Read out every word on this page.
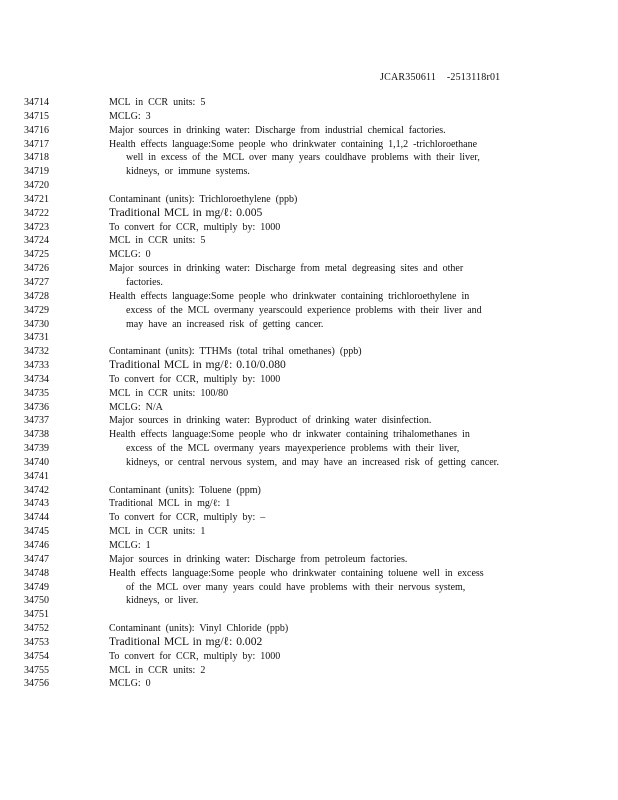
JCAR350611    -2513118r01
34714	MCL in CCR units: 5
34715	MCLG: 3
34716	Major sources in drinking water: Discharge from industrial chemical factories.
34717	Health effects language:Some people who drinkwater containing 1,1,2 -trichloroethane
34718	well in excess of the MCL over many years couldhave problems with their liver,
34719	kidneys, or immune systems.
34720
34721	Contaminant (units): Trichloroethylene (ppb)
34722	Traditional MCL in mg/ℓ: 0.005
34723	To convert for CCR, multiply by: 1000
34724	MCL in CCR units: 5
34725	MCLG: 0
34726	Major sources in drinking water: Discharge from metal degreasing sites and other
34727	factories.
34728	Health effects language:Some people who drinkwater containing trichloroethylene in
34729	excess of the MCL overmany yearscould experience problems with their liver and
34730	may have an increased risk of getting cancer.
34731
34732	Contaminant (units): TTHMs (total trihal omethanes) (ppb)
34733	Traditional MCL in mg/ℓ: 0.10/0.080
34734	To convert for CCR, multiply by: 1000
34735	MCL in CCR units: 100/80
34736	MCLG: N/A
34737	Major sources in drinking water: Byproduct of drinking water disinfection.
34738	Health effects language:Some people who dr inkwater containing trihalomethanes in
34739	excess of the MCL overmany years mayexperience problems with their liver,
34740	kidneys, or central nervous system, and may have an increased risk of getting cancer.
34741
34742	Contaminant (units): Toluene (ppm)
34743	Traditional MCL in mg/ℓ: 1
34744	To convert for CCR, multiply by: –
34745	MCL in CCR units: 1
34746	MCLG: 1
34747	Major sources in drinking water: Discharge from petroleum factories.
34748	Health effects language:Some people who drinkwater containing toluene well in excess
34749	of the MCL over many years could have problems with their nervous system,
34750	kidneys, or liver.
34751
34752	Contaminant (units): Vinyl Chloride (ppb)
34753	Traditional MCL in mg/ℓ: 0.002
34754	To convert for CCR, multiply by: 1000
34755	MCL in CCR units: 2
34756	MCLG: 0
